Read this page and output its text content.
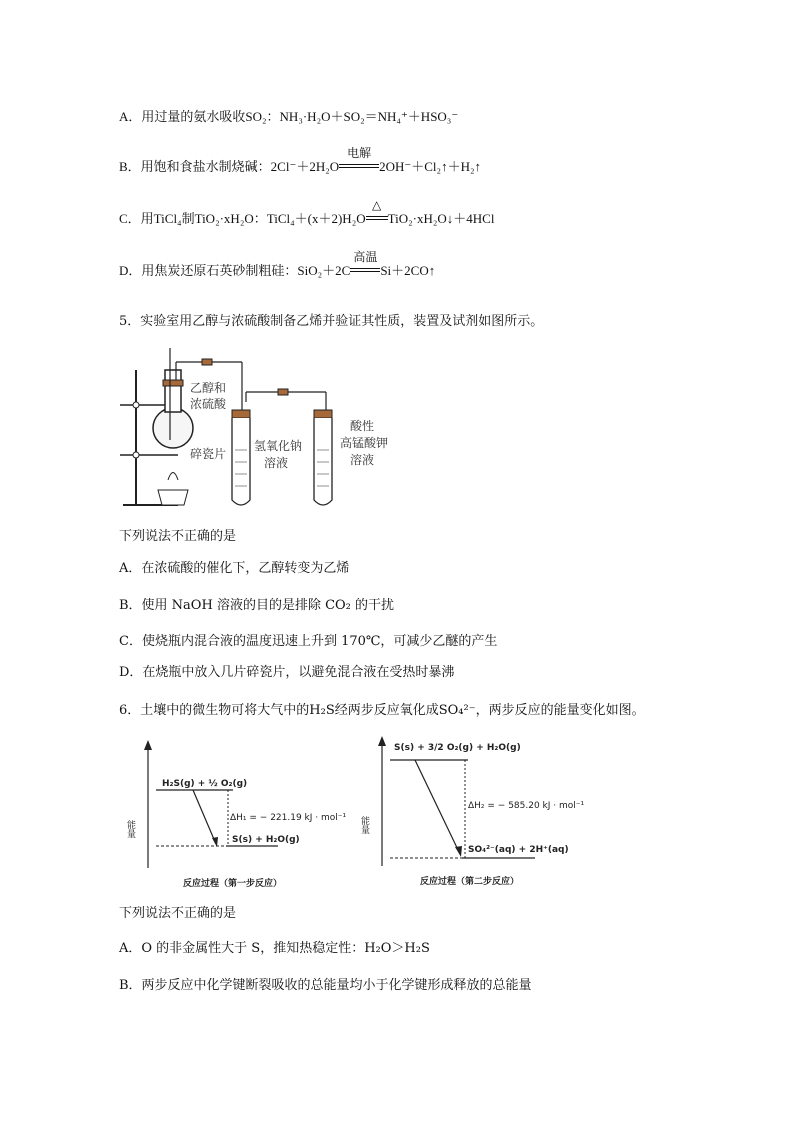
A．用过量的氨水吸收SO₂：NH₃·H₂O＋SO₂＝NH₄⁺＋HSO₃⁻
B．用饱和食盐水制烧碱：2Cl⁻＋2H₂O
电解
2OH⁻＋Cl₂↑＋H₂↑
C．用TiCl₄制TiO₂·xH₂O：TiCl₄＋(x＋2)H₂O
△
TiO₂·xH₂O↓＋4HCl
D．用焦炭还原石英砂制粗硅：SiO₂＋2C
高温
Si＋2CO↑
5．实验室用乙醇与浓硫酸制备乙烯并验证其性质，装置及试剂如图所示。
乙醇和
浓硫酸
碎瓷片
氢氧化钠
溶液
酸性
高锰酸钾
溶液
下列说法不正确的是
A．在浓硫酸的催化下，乙醇转变为乙烯
B．使用 NaOH 溶液的目的是排除 CO₂ 的干扰
C．使烧瓶内混合液的温度迅速上升到 170℃，可减少乙醚的产生
D．在烧瓶中放入几片碎瓷片，以避免混合液在受热时暴沸
6．土壤中的微生物可将大气中的H₂S经两步反应氧化成SO₄²⁻，两步反应的能量变化如图。
能量
H₂S(g) + ½ O₂(g)
S(s) + H₂O(g)
ΔH₁ = − 221.19 kJ · mol⁻¹
反应过程（第一步反应）
能量
S(s) + 3/2 O₂(g) + H₂O(g)
SO₄²⁻(aq) + 2H⁺(aq)
ΔH₂ = − 585.20 kJ · mol⁻¹
反应过程（第二步反应）
下列说法不正确的是
A．O 的非金属性大于 S，推知热稳定性：H₂O＞H₂S
B．两步反应中化学键断裂吸收的总能量均小于化学键形成释放的总能量
